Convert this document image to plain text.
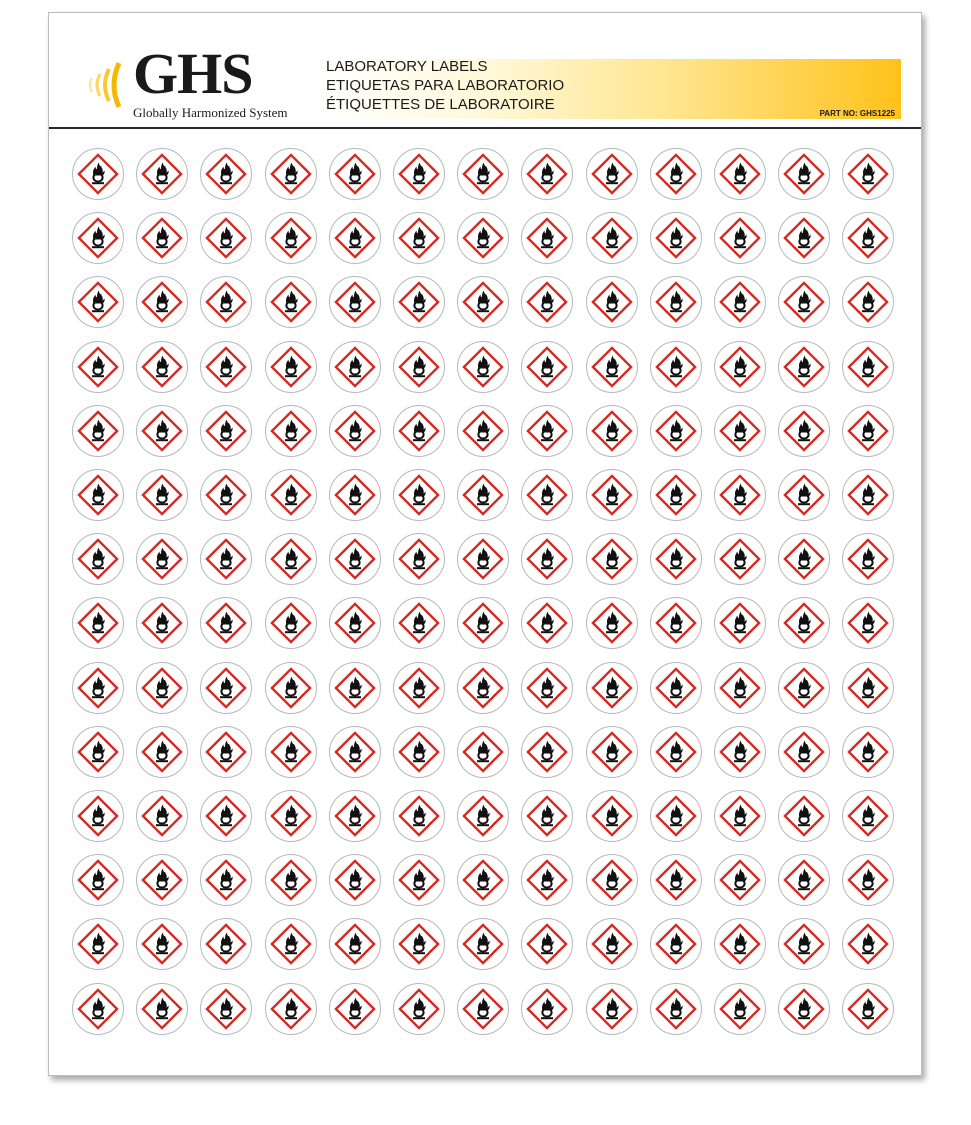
GHS
Globally Harmonized System
LABORATORY LABELS
ETIQUETAS PARA LABORATORIO
ÉTIQUETTES DE LABORATOIRE
PART NO: GHS1225
